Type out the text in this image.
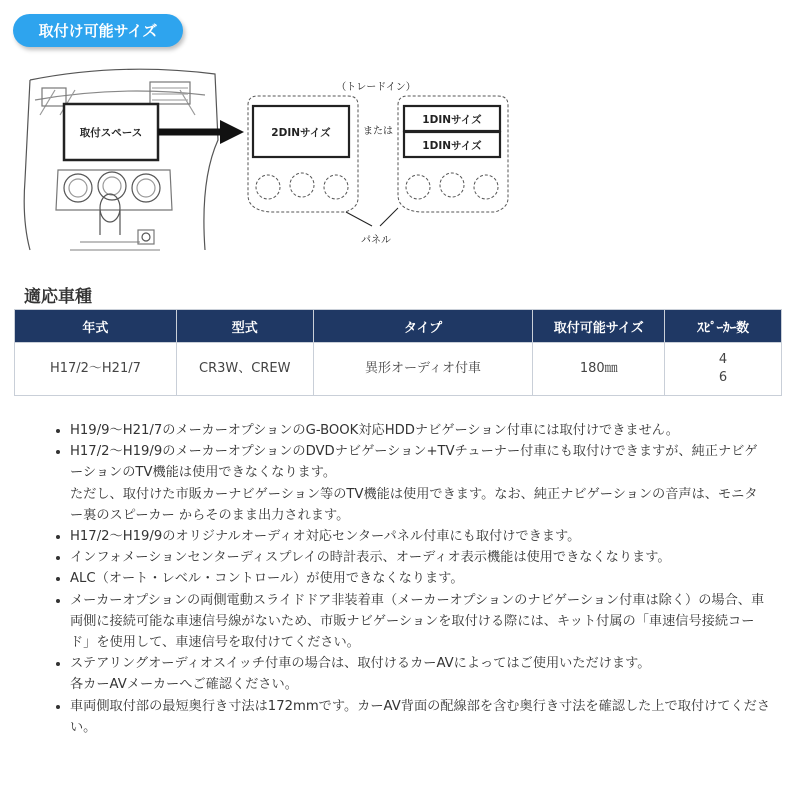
取付け可能サイズ
取付スペース
（トレードイン）
2DINサイズ	または
1DINサイズ
1DINサイズ
パネル
適応車種
年式	型式	タイプ	取付可能サイズ	ｽﾋﾟｰｶｰ数
H17/2〜H21/7	CR3W、CREW	異形オーディオ付車	180㎜	4
6
• H19/9〜H21/7のメーカーオプションのG-BOOK対応HDDナビゲーション付車には取付けできません。
• H17/2〜H19/9のメーカーオプションのDVDナビゲーション+TVチューナー付車にも取付けできますが、純正ナビゲーションのTV機能は使用できなくなります。
ただし、取付けた市販カーナビゲーション等のTV機能は使用できます。なお、純正ナビゲーションの音声は、モニター裏のスピーカー からそのまま出力されます。
• H17/2〜H19/9のオリジナルオーディオ対応センターパネル付車にも取付けできます。
• インフォメーションセンターディスプレイの時計表示、オーディオ表示機能は使用できなくなります。
• ALC（オート・レベル・コントロール）が使用できなくなります。
• メーカーオプションの両側電動スライドドア非装着車（メーカーオプションのナビゲーション付車は除く）の場合、車両側に接続可能な車速信号線がないため、市販ナビゲーションを取付ける際には、キット付属の「車速信号接続コード」を使用して、車速信号を取付けてください。
• ステアリングオーディオスイッチ付車の場合は、取付けるカーAVによってはご使用いただけます。
各カーAVメーカーへご確認ください。
• 車両側取付部の最短奥行き寸法は172mmです。カーAV背面の配線部を含む奥行き寸法を確認した上で取付けてください。
